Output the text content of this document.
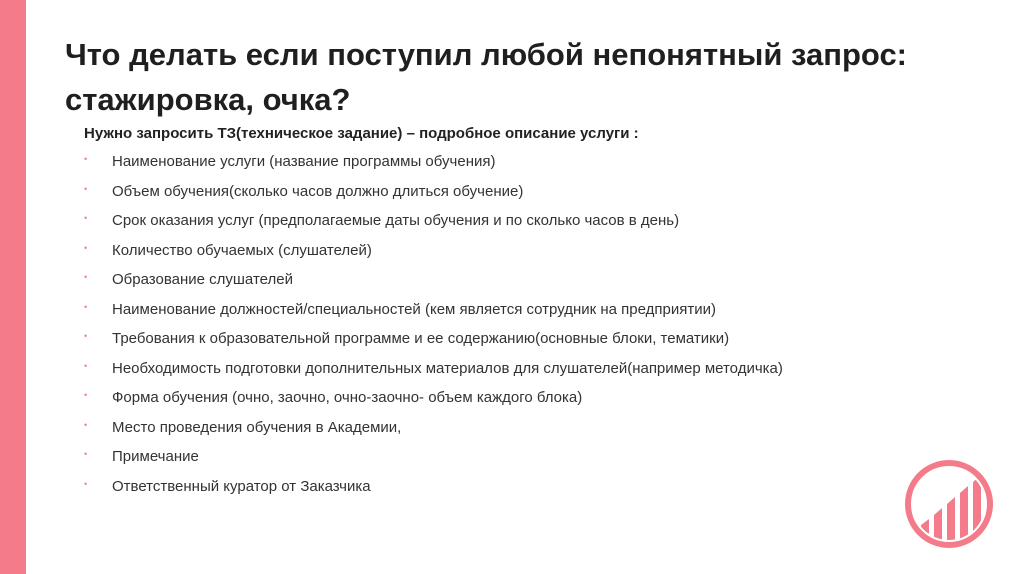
Что делать если поступил любой непонятный запрос: стажировка, очка?

Нужно запросить ТЗ(техническое задание) – подробное описание услуги :

• Наименование услуги (название программы обучения)
• Объем обучения(сколько часов должно длиться обучение)
• Срок оказания услуг (предполагаемые даты обучения и по сколько часов в день)
• Количество обучаемых (слушателей)
• Образование слушателей
• Наименование должностей/специальностей (кем является сотрудник на предприятии)
• Требования к образовательной программе и ее содержанию(основные блоки, тематики)
• Необходимость подготовки дополнительных материалов для слушателей(например методичка)
• Форма обучения (очно, заочно, очно-заочно- объем каждого блока)
• Место проведения обучения в Академии,
• Примечание
• Ответственный куратор от Заказчика
